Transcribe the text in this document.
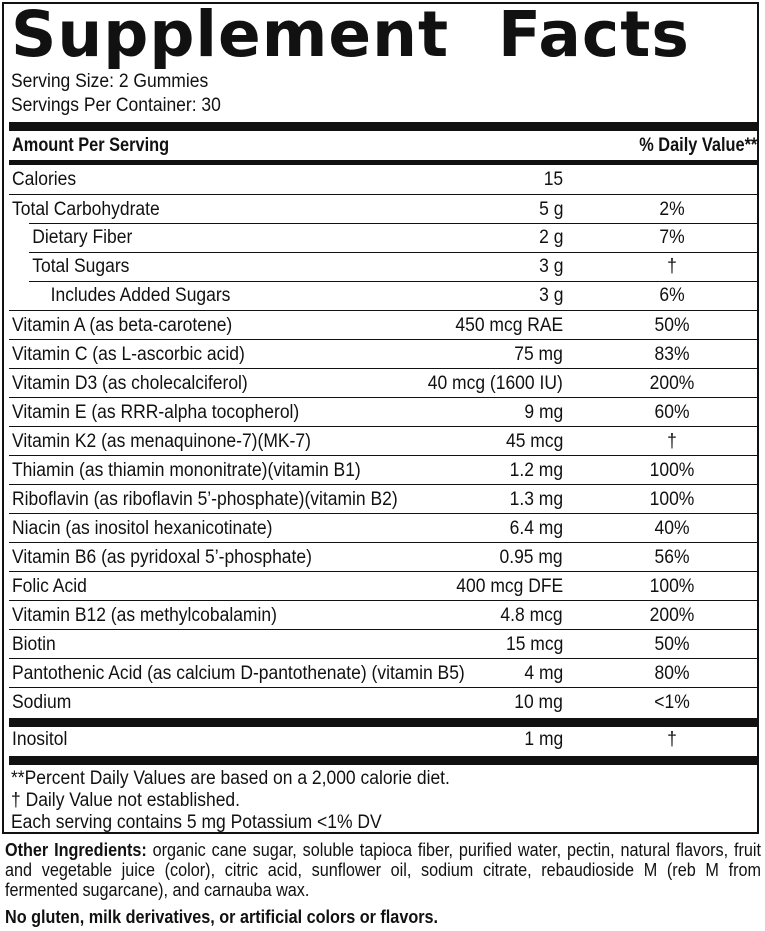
Supplement Facts
Serving Size: 2 Gummies
Servings Per Container: 30
Amount Per Serving	% Daily Value**
Calories	15
Total Carbohydrate	5 g	2%
Dietary Fiber	2 g	7%
Total Sugars	3 g	†
Includes Added Sugars	3 g	6%
Vitamin A (as beta-carotene)	450 mcg RAE	50%
Vitamin C (as L-ascorbic acid)	75 mg	83%
Vitamin D3 (as cholecalciferol)	40 mcg (1600 IU)	200%
Vitamin E (as RRR-alpha tocopherol)	9 mg	60%
Vitamin K2 (as menaquinone-7)(MK-7)	45 mcg	†
Thiamin (as thiamin mononitrate)(vitamin B1)	1.2 mg	100%
Riboflavin (as riboflavin 5’-phosphate)(vitamin B2)	1.3 mg	100%
Niacin (as inositol hexanicotinate)	6.4 mg	40%
Vitamin B6 (as pyridoxal 5’-phosphate)	0.95 mg	56%
Folic Acid	400 mcg DFE	100%
Vitamin B12 (as methylcobalamin)	4.8 mcg	200%
Biotin	15 mcg	50%
Pantothenic Acid (as calcium D-pantothenate) (vitamin B5)	4 mg	80%
Sodium	10 mg	<1%
Inositol	1 mg	†
**Percent Daily Values are based on a 2,000 calorie diet.
† Daily Value not established.
Each serving contains 5 mg Potassium <1% DV
Other Ingredients: organic cane sugar, soluble tapioca fiber, purified water, pectin, natural flavors, fruit and vegetable juice (color), citric acid, sunflower oil, sodium citrate, rebaudioside M (reb M from fermented sugarcane), and carnauba wax.
No gluten, milk derivatives, or artificial colors or flavors.
